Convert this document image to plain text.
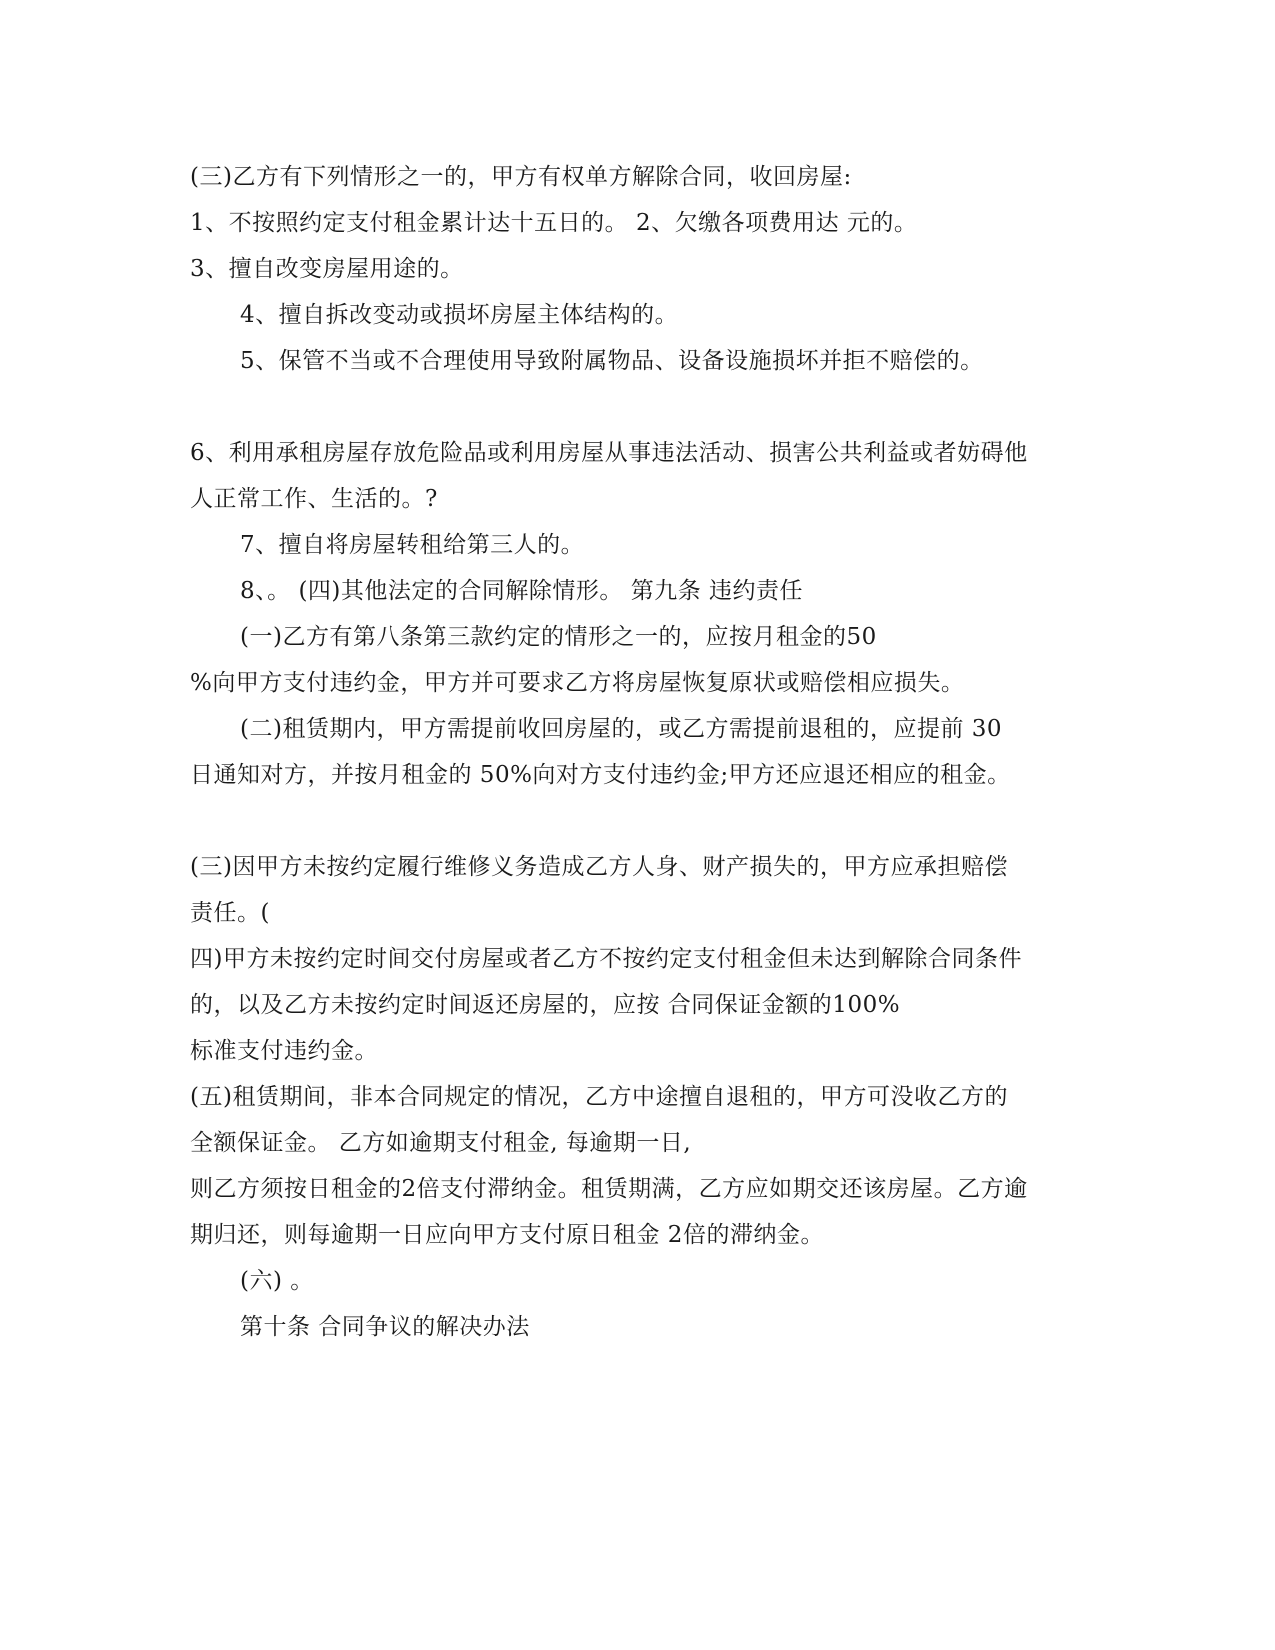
(三)乙方有下列情形之一的，甲方有权单方解除合同，收回房屋:
1、不按照约定支付租金累计达十五日的。 2、欠缴各项费用达 元的。
3、擅自改变房屋用途的。
4、擅自拆改变动或损坏房屋主体结构的。
5、保管不当或不合理使用导致附属物品、设备设施损坏并拒不赔偿的。
6、利用承租房屋存放危险品或利用房屋从事违法活动、损害公共利益或者妨碍他
人正常工作、生活的。?
7、擅自将房屋转租给第三人的。
8、。 (四)其他法定的合同解除情形。 第九条 违约责任
(一)乙方有第八条第三款约定的情形之一的，应按月租金的50
%向甲方支付违约金，甲方并可要求乙方将房屋恢复原状或赔偿相应损失。
(二)租赁期内，甲方需提前收回房屋的，或乙方需提前退租的，应提前 30
日通知对方，并按月租金的 50%向对方支付违约金;甲方还应退还相应的租金。
(三)因甲方未按约定履行维修义务造成乙方人身、财产损失的，甲方应承担赔偿
责任。(
四)甲方未按约定时间交付房屋或者乙方不按约定支付租金但未达到解除合同条件
的，以及乙方未按约定时间返还房屋的，应按 合同保证金额的100%
标准支付违约金。
(五)租赁期间，非本合同规定的情况，乙方中途擅自退租的，甲方可没收乙方的
全额保证金。 乙方如逾期支付租金, 每逾期一日,
则乙方须按日租金的2倍支付滞纳金。租赁期满，乙方应如期交还该房屋。乙方逾
期归还，则每逾期一日应向甲方支付原日租金 2倍的滞纳金。
(六) 。
第十条 合同争议的解决办法
